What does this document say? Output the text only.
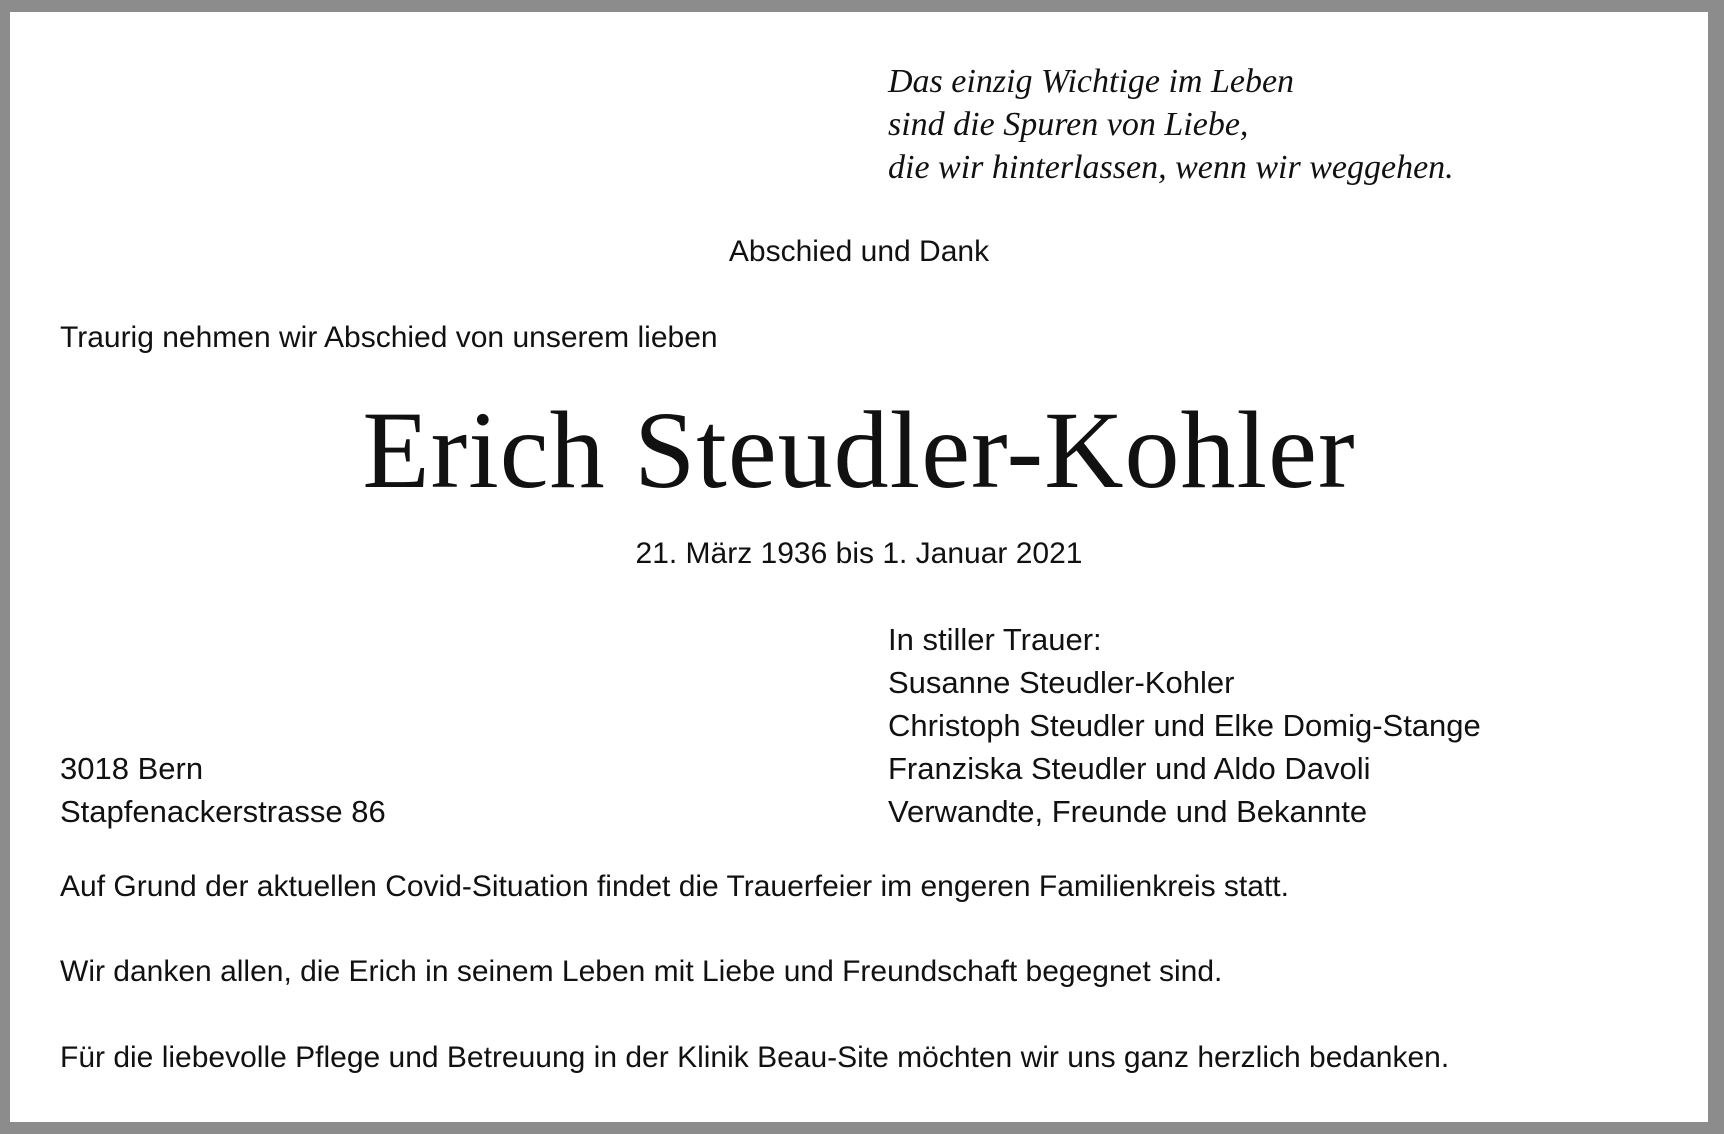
Das einzig Wichtige im Leben
sind die Spuren von Liebe,
die wir hinterlassen, wenn wir weggehen.
Abschied und Dank
Traurig nehmen wir Abschied von unserem lieben
Erich Steudler-Kohler
21. März 1936 bis 1. Januar 2021
In stiller Trauer:
Susanne Steudler-Kohler
Christoph Steudler und Elke Domig-Stange
Franziska Steudler und Aldo Davoli
Verwandte, Freunde und Bekannte
3018 Bern
Stapfenackerstrasse 86
Auf Grund der aktuellen Covid-Situation findet die Trauerfeier im engeren Familienkreis statt.
Wir danken allen, die Erich in seinem Leben mit Liebe und Freundschaft begegnet sind.
Für die liebevolle Pflege und Betreuung in der Klinik Beau-Site möchten wir uns ganz herzlich bedanken.
